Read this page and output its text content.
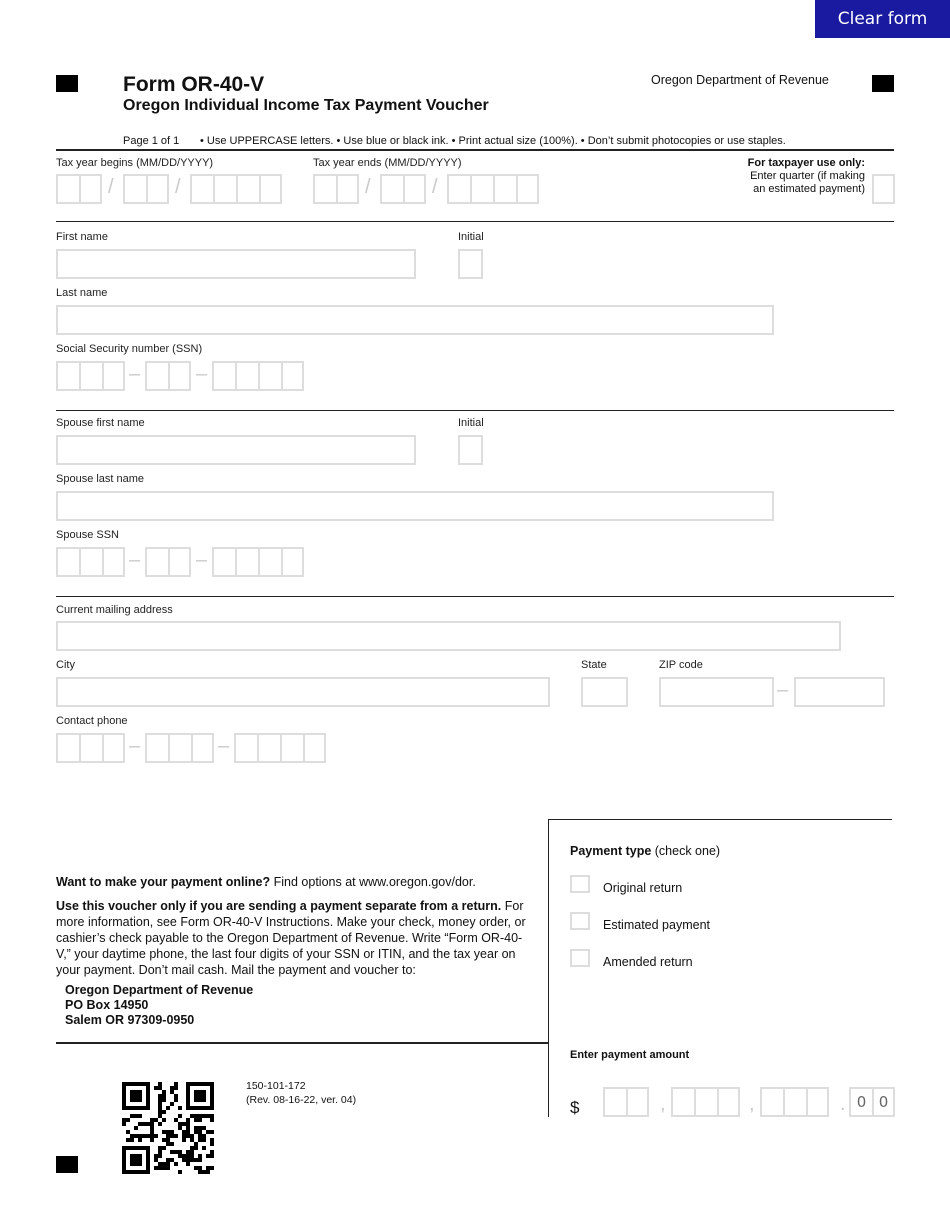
Clear form
Form OR-40-V
Oregon Individual Income Tax Payment Voucher
Oregon Department of Revenue
Page 1 of 1 • Use UPPERCASE letters. • Use blue or black ink. • Print actual size (100%). • Don’t submit photocopies or use staples.
Tax year begins (MM/DD/YYYY)	Tax year ends (MM/DD/YYYY)
/	/	/	/
For taxpayer use only:
Enter quarter (if making
an estimated payment)
First name	Initial
Last name
Social Security number (SSN)
–	–
Spouse first name	Initial
Spouse last name
Spouse SSN
–	–
Current mailing address
City	State	ZIP code
–
Contact phone
–	–
Want to make your payment online? Find options at www.oregon.gov/dor.
Use this voucher only if you are sending a payment separate from a return. For more information, see Form OR-40-V Instructions. Make your check, money order, or cashier’s check payable to the Oregon Department of Revenue. Write “Form OR-40-V,” your daytime phone, the last four digits of your SSN or ITIN, and the tax year on your payment. Don’t mail cash. Mail the payment and voucher to:
Oregon Department of Revenue
PO Box 14950
Salem OR 97309-0950
Payment type (check one)
Original return
Estimated payment
Amended return
Enter payment amount
$	,	,	. 0 0
150-101-172
(Rev. 08-16-22, ver. 04)
